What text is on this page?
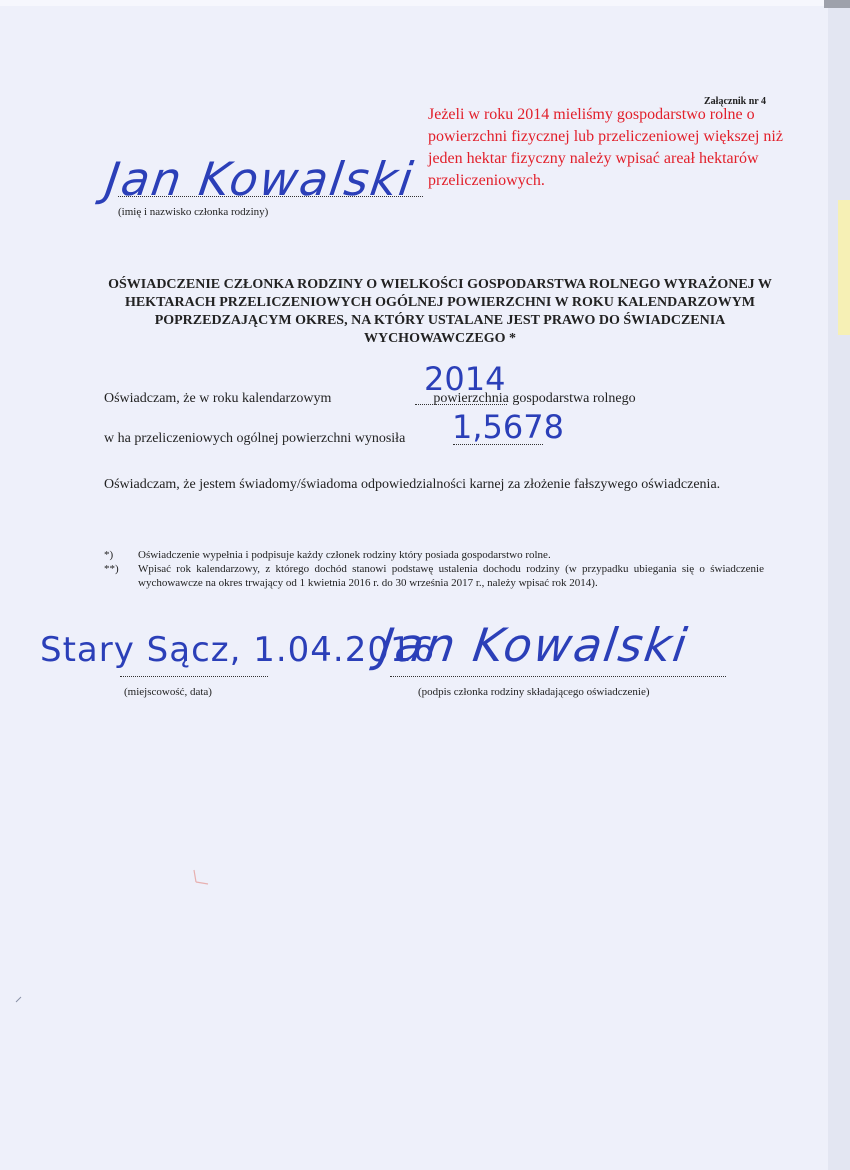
Załącznik nr 4
Jeżeli w roku 2014 mieliśmy gospodarstwo rolne o powierzchni fizycznej lub przeliczeniowej większej niż jeden hektar fizyczny należy wpisać areał hektarów przeliczeniowych.
Jan Kowalski
(imię i nazwisko członka rodziny)
OŚWIADCZENIE CZŁONKA RODZINY O WIELKOŚCI GOSPODARSTWA ROLNEGO WYRAŻONEJ W HEKTARACH PRZELICZENIOWYCH OGÓLNEJ POWIERZCHNI W ROKU KALENDARZOWYM POPRZEDZAJĄCYM OKRES, NA KTÓRY USTALANE JEST PRAWO DO ŚWIADCZENIA WYCHOWAWCZEGO *
Oświadczam, że w roku kalendarzowym	powierzchnia gospodarstwa rolnego
2014
w ha przeliczeniowych ogólnej powierzchni wynosiła	1,5678
Oświadczam, że jestem świadomy/świadoma odpowiedzialności karnej za złożenie fałszywego oświadczenia.
*)	Oświadczenie wypełnia i podpisuje każdy członek rodziny który posiada gospodarstwo rolne.
**)	Wpisać rok kalendarzowy, z którego dochód stanowi podstawę ustalenia dochodu rodziny (w przypadku ubiegania się o świadczenie wychowawcze na okres trwający od 1 kwietnia 2016 r. do 30 września 2017 r., należy wpisać rok 2014).
Stary Sącz, 1.04.2016
(miejscowość, data)
Jan Kowalski
(podpis członka rodziny składającego oświadczenie)
